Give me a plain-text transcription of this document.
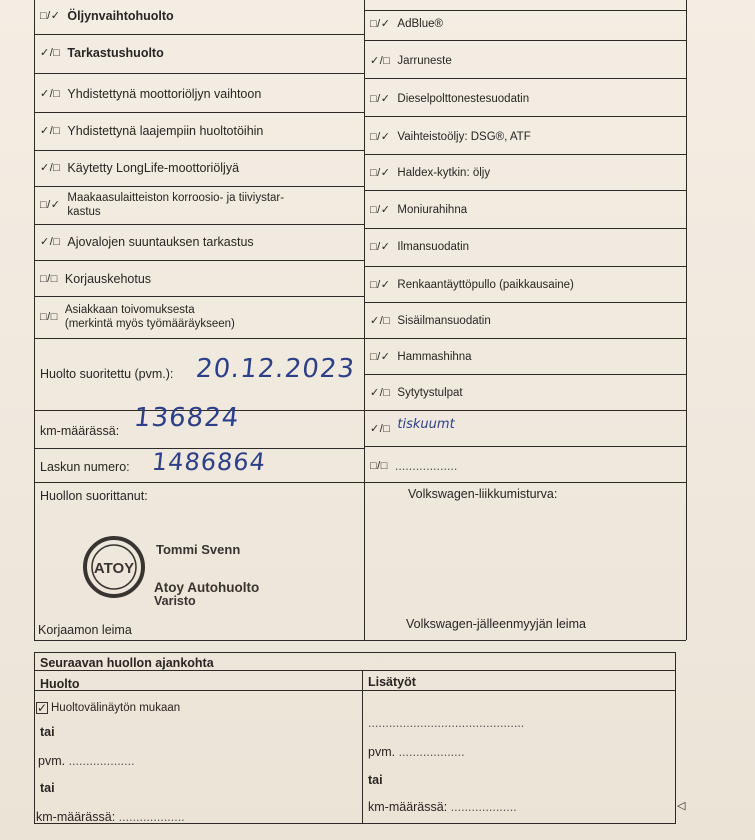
□/✓ Öljynvaihtohuolto
✓/□ Tarkastushuolto
✓/□ Yhdistettynä moottoriöljyn vaihtoon
✓/□ Yhdistettynä laajempiin huoltotöihin
✓/□ Käytetty LongLife-moottoriöljyä
□/✓
Maakaasulaitteiston korroosio- ja tiiviystar-
kastus
✓/□ Ajovalojen suuntauksen tarkastus
□/□ Korjauskehotus
□/□
Asiakkaan toivomuksesta
(merkintä myös työmääräykseen)
Huolto suoritettu (pvm.): 20.12.2023
km-määrässä: 136824
Laskun numero: 1486864
□/✓ AdBlue®
✓/□ Jarruneste
□/✓ Dieselpolttonestesuodatin
□/✓ Vaihteistoöljy: DSG®, ATF
□/✓ Haldex-kytkin: öljy
□/✓ Moniurahihna
□/✓ Ilmansuodatin
□/✓ Renkaantäyttöpullo (paikkausaine)
✓/□ Sisäilmansuodatin
□/✓ Hammashihna
✓/□ Sytytystulpat
✓/□ tiskuumt
□/□ ..................
Huollon suorittanut:
ATOY
Tommi Svenn
Atoy Autohuolto
Varisto
Korjaamon leima
Volkswagen-liikkumisturva:
Volkswagen-jälleenmyyjän leima
Seuraavan huollon ajankohta
Huolto	Lisätyöt
✓ Huoltovälinäytön mukaan
tai
pvm. ...................
tai
km-määrässä: ...................
.............................................
pvm. ...................
tai
km-määrässä: ...................	◁
